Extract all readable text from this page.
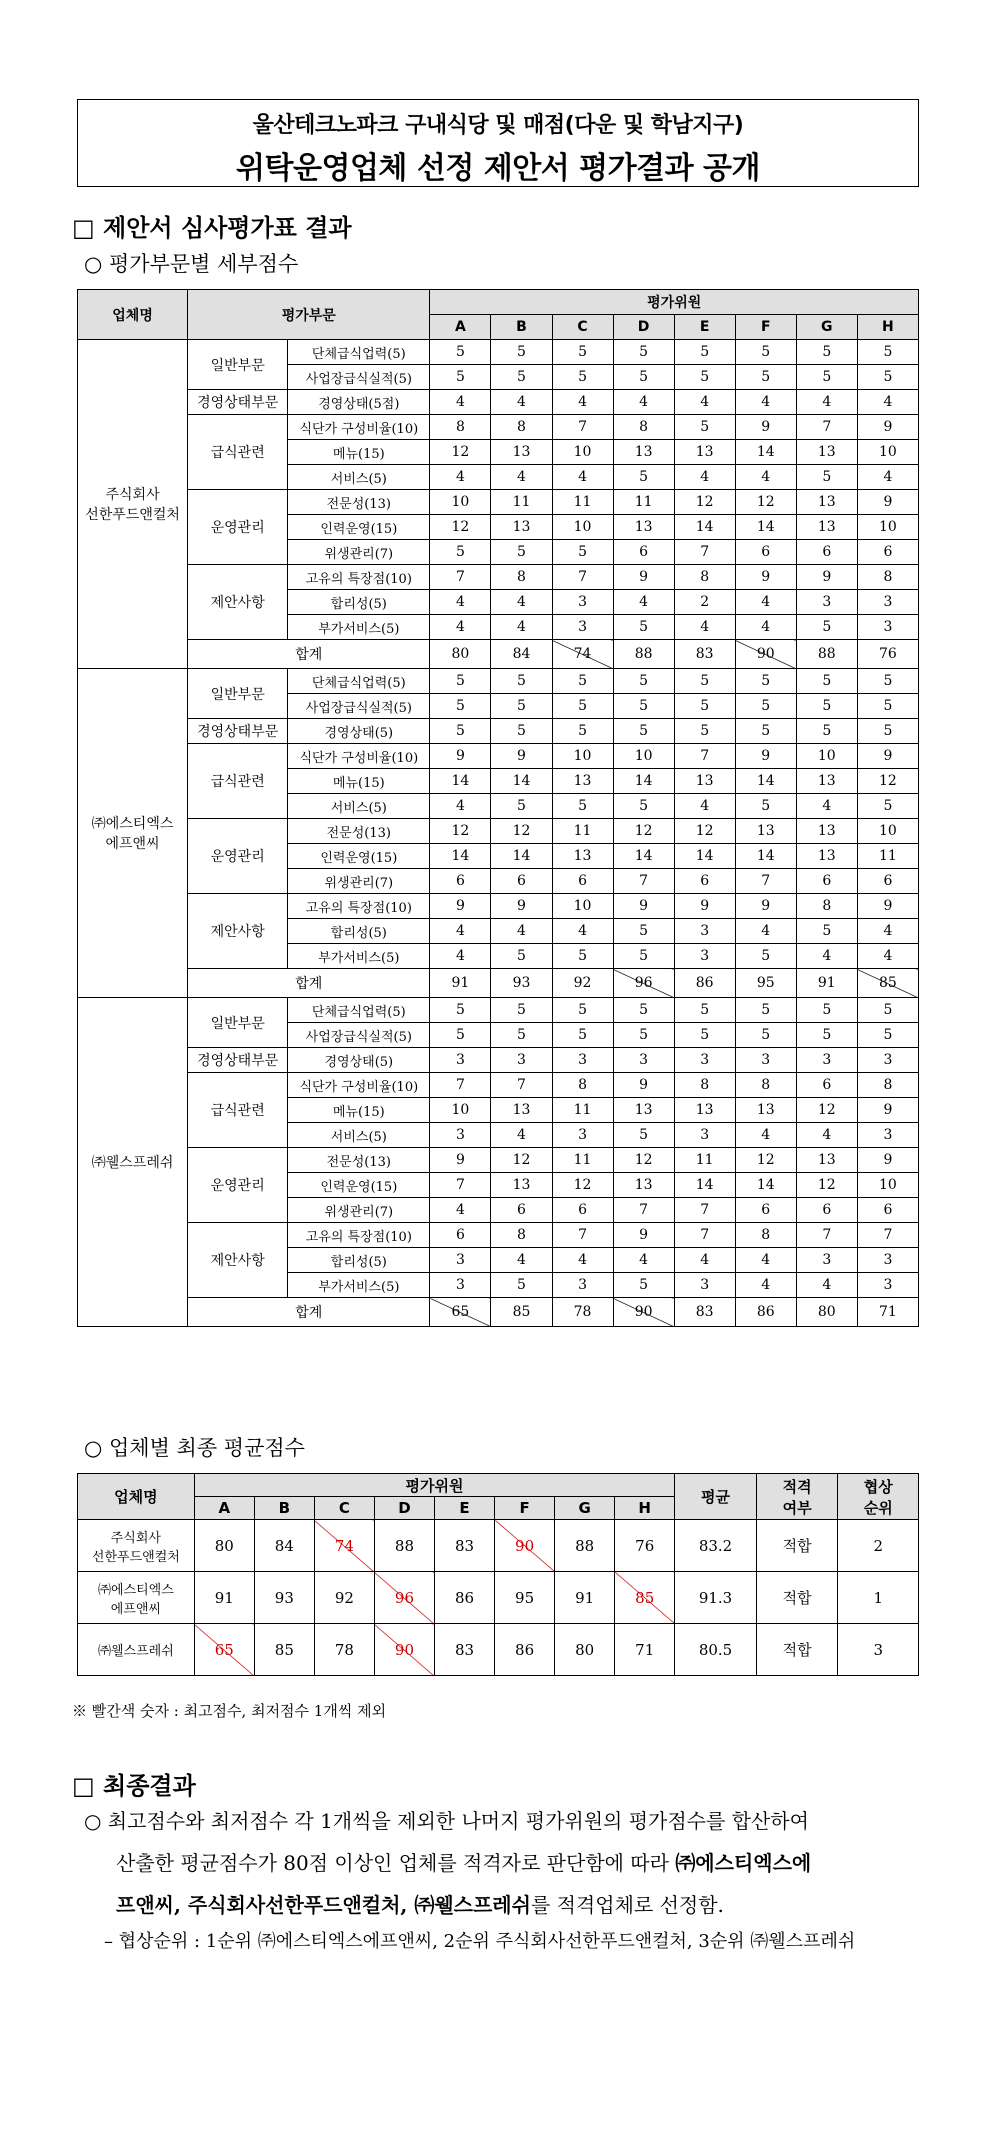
울산테크노파크 구내식당 및 매점(다운 및 학남지구)
위탁운영업체 선정 제안서 평가결과 공개
□ 제안서 심사평가표 결과
○ 평가부문별 세부점수
업체명	평가부문		평가위원							
			A	B	C	D	E	F	G	H
주식회사
선한푸드앤컬처	일반부문	단체급식업력(5)	5	5	5	5	5	5	5	5
		사업장급식실적(5)	5	5	5	5	5	5	5	5
	경영상태부문	경영상태(5점)	4	4	4	4	4	4	4	4
	급식관련	식단가 구성비율(10)	8	8	7	8	5	9	7	9
		메뉴(15)	12	13	10	13	13	14	13	10
		서비스(5)	4	4	4	5	4	4	5	4
	운영관리	전문성(13)	10	11	11	11	12	12	13	9
		인력운영(15)	12	13	10	13	14	14	13	10
		위생관리(7)	5	5	5	6	7	6	6	6
	제안사항	고유의 특장점(10)	7	8	7	9	8	9	9	8
		합리성(5)	4	4	3	4	2	4	3	3
		부가서비스(5)	4	4	3	5	4	4	5	3
	합계		80	84	74	88	83	90	88	76
㈜에스티엑스
에프앤씨	일반부문	단체급식업력(5)	5	5	5	5	5	5	5	5
		사업장급식실적(5)	5	5	5	5	5	5	5	5
	경영상태부문	경영상태(5)	5	5	5	5	5	5	5	5
	급식관련	식단가 구성비율(10)	9	9	10	10	7	9	10	9
		메뉴(15)	14	14	13	14	13	14	13	12
		서비스(5)	4	5	5	5	4	5	4	5
	운영관리	전문성(13)	12	12	11	12	12	13	13	10
		인력운영(15)	14	14	13	14	14	14	13	11
		위생관리(7)	6	6	6	7	6	7	6	6
	제안사항	고유의 특장점(10)	9	9	10	9	9	9	8	9
		합리성(5)	4	4	4	5	3	4	5	4
		부가서비스(5)	4	5	5	5	3	5	4	4
	합계		91	93	92	96	86	95	91	85
㈜웰스프레쉬	일반부문	단체급식업력(5)	5	5	5	5	5	5	5	5
		사업장급식실적(5)	5	5	5	5	5	5	5	5
	경영상태부문	경영상태(5)	3	3	3	3	3	3	3	3
	급식관련	식단가 구성비율(10)	7	7	8	9	8	8	6	8
		메뉴(15)	10	13	11	13	13	13	12	9
		서비스(5)	3	4	3	5	3	4	4	3
	운영관리	전문성(13)	9	12	11	12	11	12	13	9
		인력운영(15)	7	13	12	13	14	14	12	10
		위생관리(7)	4	6	6	7	7	6	6	6
	제안사항	고유의 특장점(10)	6	8	7	9	7	8	7	7
		합리성(5)	3	4	4	4	4	4	3	3
		부가서비스(5)	3	5	3	5	3	4	4	3
	합계		65	85	78	90	83	86	80	71
○ 업체별 최종 평균점수
업체명	평가위원								평균	적격
여부	협상
순위
	A	B	C	D	E	F	G	H			
주식회사
선한푸드앤컬처	80	84	74	88	83	90	88	76	83.2	적합	2
㈜에스티엑스
에프앤씨	91	93	92	96	86	95	91	85	91.3	적합	1
㈜웰스프레쉬	65	85	78	90	83	86	80	71	80.5	적합	3
※ 빨간색 숫자 : 최고점수, 최저점수 1개씩 제외
□ 최종결과
○ 최고점수와 최저점수 각 1개씩을 제외한 나머지 평가위원의 평가점수를 합산하여
산출한 평균점수가 80점 이상인 업체를 적격자로 판단함에 따라 ㈜에스티엑스에
프앤씨, 주식회사선한푸드앤컬처, ㈜웰스프레쉬를 적격업체로 선정함.
– 협상순위 : 1순위 ㈜에스티엑스에프앤씨, 2순위 주식회사선한푸드앤컬처, 3순위 ㈜웰스프레쉬
